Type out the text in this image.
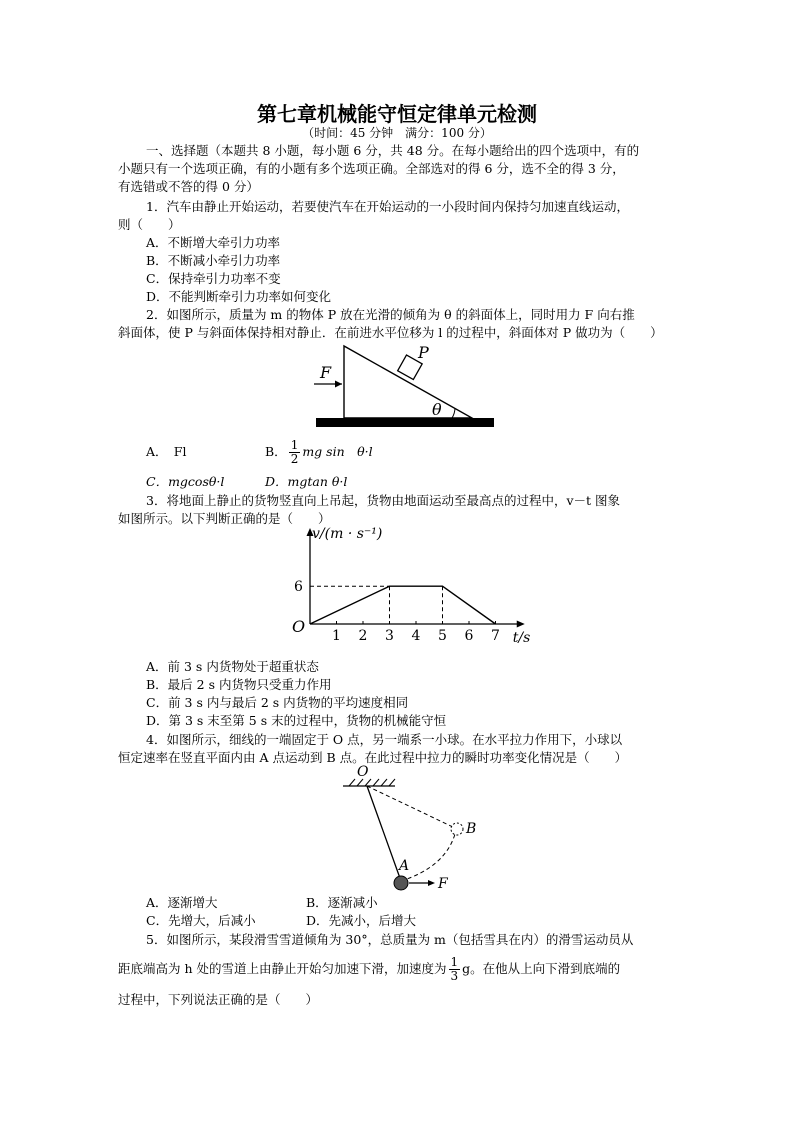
第七章机械能守恒定律单元检测
（时间：45 分钟　满分：100 分）
一、选择题（本题共 8 小题，每小题 6 分，共 48 分。在每小题给出的四个选项中，有的
小题只有一个选项正确，有的小题有多个选项正确。全部选对的得 6 分，选不全的得 3 分，
有选错或不答的得 0 分）
1．汽车由静止开始运动，若要使汽车在开始运动的一小段时间内保持匀加速直线运动，
则（　　）
A．不断增大牵引力功率
B．不断减小牵引力功率
C．保持牵引力功率不变
D．不能判断牵引力功率如何变化
2．如图所示，质量为 m 的物体 P 放在光滑的倾角为 θ 的斜面体上，同时用力 F 向右推
斜面体，使 P 与斜面体保持相对静止．在前进水平位移为 l 的过程中，斜面体对 P 做功为（　　）
F
P
θ
A．　Fl	B． $\frac{1}{2}$ mg sin　θ·l
C．mgcosθ·l	D．mgtan θ·l
3．将地面上静止的货物竖直向上吊起，货物由地面运动至最高点的过程中，v－t 图象
如图所示。以下判断正确的是（　　）
1 2 3 4 5 6 7
6
O
t/s
v/(m · s⁻¹)
A．前 3 s 内货物处于超重状态
B．最后 2 s 内货物只受重力作用
C．前 3 s 内与最后 2 s 内货物的平均速度相同
D．第 3 s 末至第 5 s 末的过程中，货物的机械能守恒
4．如图所示，细线的一端固定于 O 点，另一端系一小球。在水平拉力作用下，小球以
恒定速率在竖直平面内由 A 点运动到 B 点。在此过程中拉力的瞬时功率变化情况是（　　）
O
B
A
F
A．逐渐增大	B．逐渐减小
C．先增大，后减小	D．先减小，后增大
5．如图所示，某段滑雪雪道倾角为 30°，总质量为 m（包括雪具在内）的滑雪运动员从
距底端高为 h 处的雪道上由静止开始匀加速下滑，加速度为 $\frac{1}{3}$ g。在他从上向下滑到底端的
过程中，下列说法正确的是（　　）
